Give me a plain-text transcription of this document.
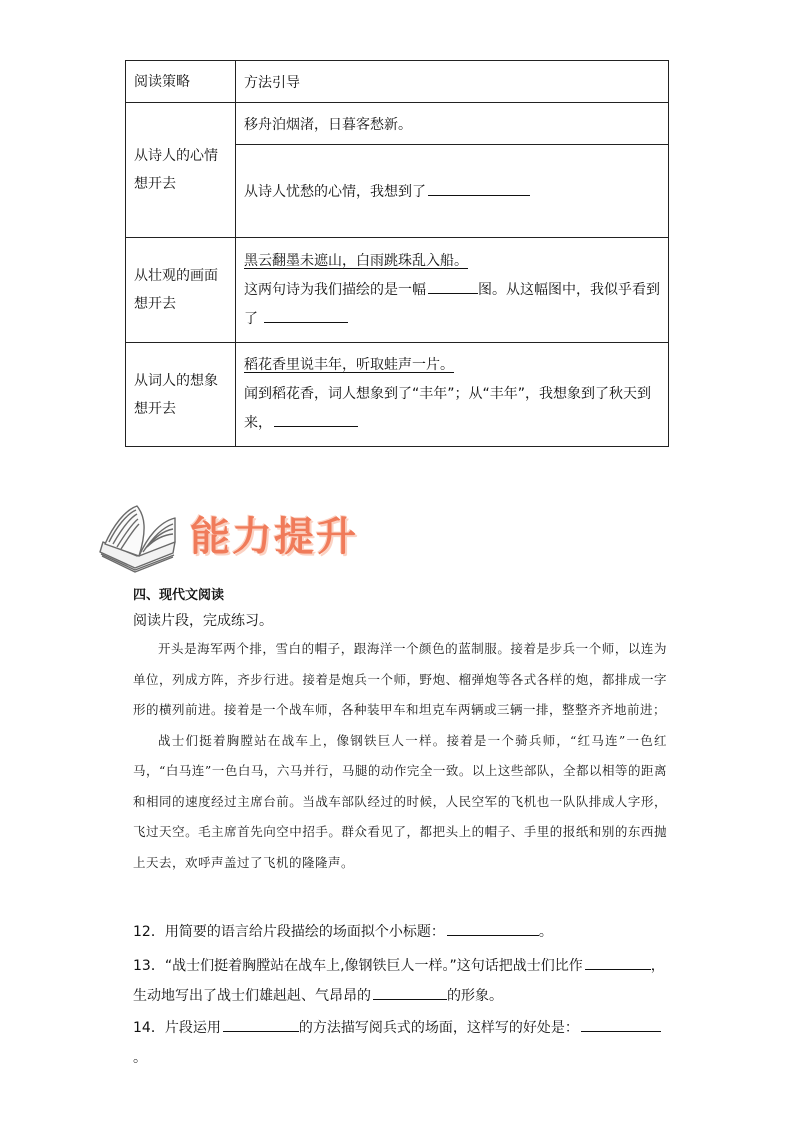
阅读策略	方法引导
从诗人的心情想开去	移舟泊烟渚，日暮客愁新。
	从诗人忧愁的心情，我想到了
从壮观的画面想开去	黑云翻墨未遮山，白雨跳珠乱入船。
这两句诗为我们描绘的是一幅 图。从这幅图中，我似乎看到
了

从词人的想象想开去	稻花香里说丰年，听取蛙声一片。
闻到稻花香，词人想象到了“丰年”；从“丰年”，我想象到了秋天到
来，
能力提升
四、现代文阅读
阅读片段，完成练习。

开头是海军两个排，雪白的帽子，跟海洋一个颜色的蓝制服。接着是步兵一个师，以连为单位，列成方阵，齐步行进。接着是炮兵一个师，野炮、榴弹炮等各式各样的炮，都排成一字形的横列前进。接着是一个战车师，各种装甲车和坦克车两辆或三辆一排，整整齐齐地前进；

战士们挺着胸膛站在战车上，像钢铁巨人一样。接着是一个骑兵师，“红马连”一色红马，“白马连”一色白马，六马并行，马腿的动作完全一致。以上这些部队，全都以相等的距离和相同的速度经过主席台前。当战车部队经过的时候，人民空军的飞机也一队队排成人字形，飞过天空。毛主席首先向空中招手。群众看见了，都把头上的帽子、手里的报纸和别的东西抛上天去，欢呼声盖过了飞机的隆隆声。

12．用简要的语言给片段描绘的场面拟个小标题：	。
13．“战士们挺着胸膛站在战车上,像钢铁巨人一样。”这句话把战士们比作	，
生动地写出了战士们雄赳赳、气昂昂的	的形象。
14．片段运用	的方法描写阅兵式的场面，这样写的好处是：。
